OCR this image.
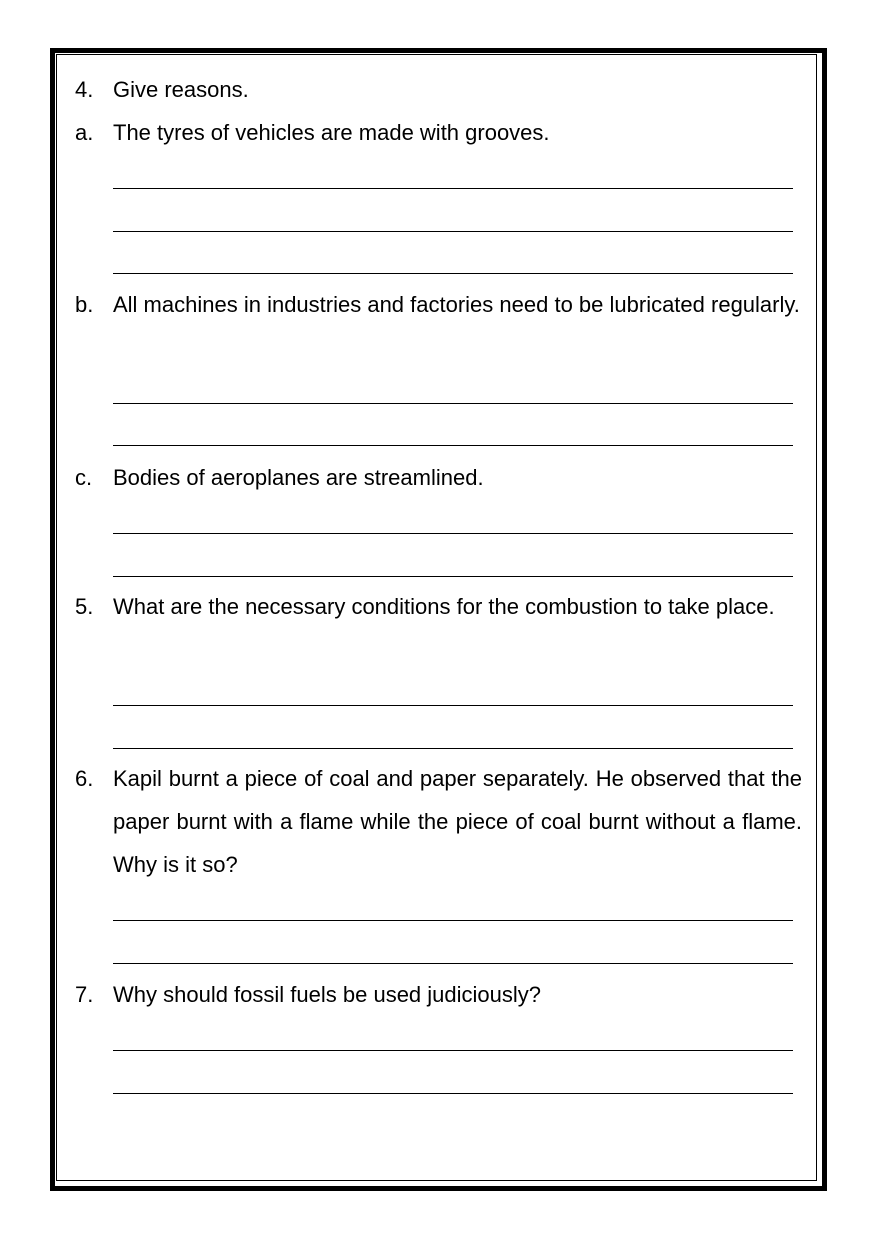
4. Give reasons.
a. The tyres of vehicles are made with grooves.
b. All machines in industries and factories need to be lubricated regularly.
c. Bodies of aeroplanes are streamlined.
5. What are the necessary conditions for the combustion to take place.
6. Kapil burnt a piece of coal and paper separately. He observed that the paper burnt with a flame while the piece of coal burnt without a flame. Why is it so?
7. Why should fossil fuels be used judiciously?
